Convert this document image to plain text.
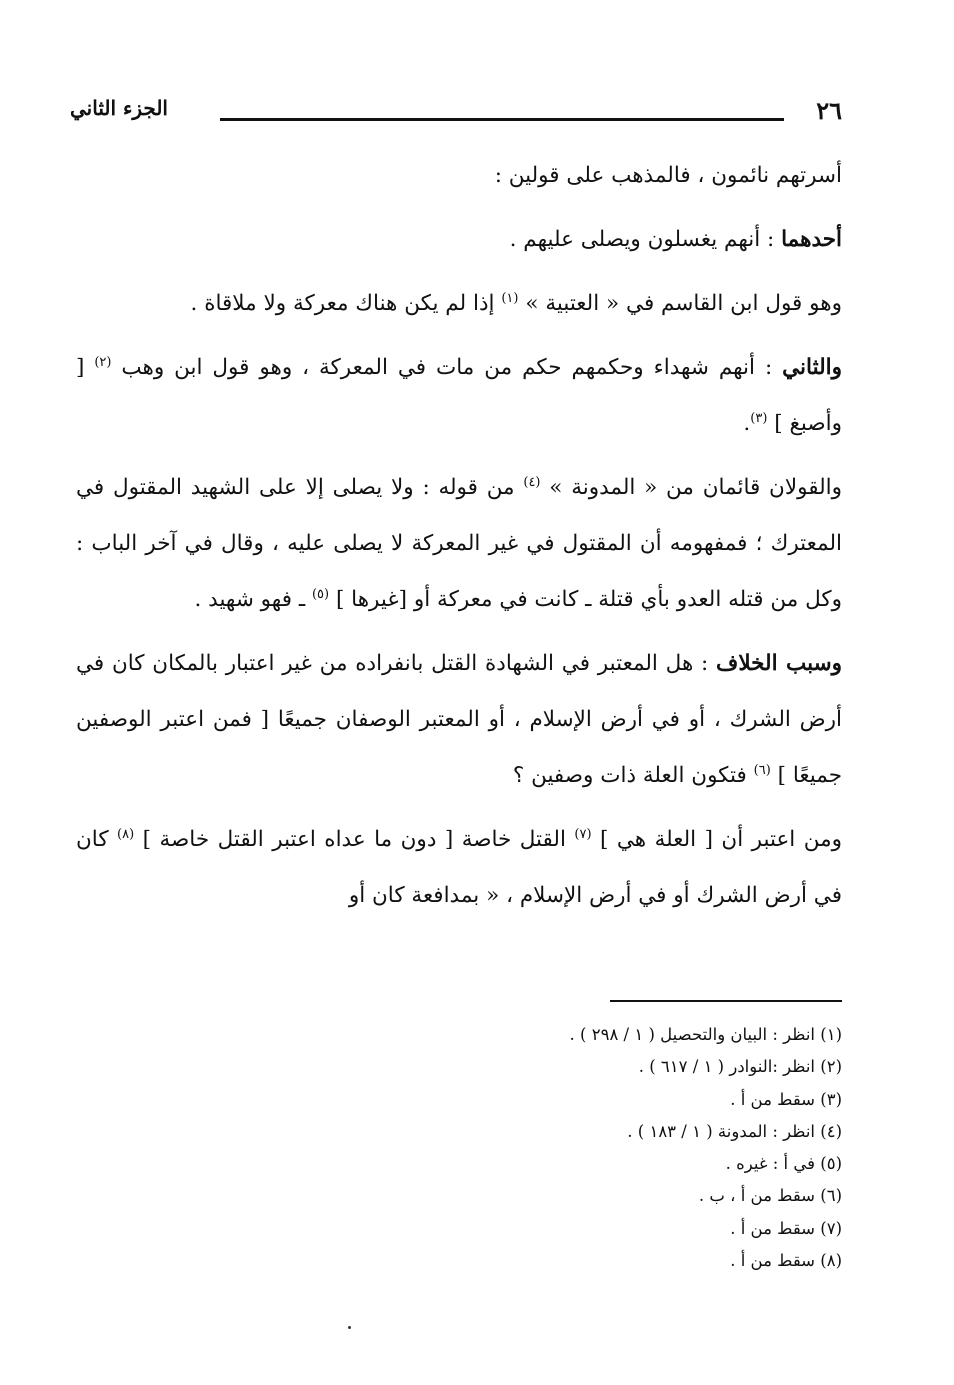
٢٦
الجزء الثاني

أسرتهم نائمون ، فالمذهب على قولين :

أحدهما : أنهم يغسلون ويصلى عليهم .

وهو قول ابن القاسم في « العتبية » $^{(١)}$ إذا لم يكن هناك معركة ولا ملاقاة .

والثاني : أنهم شهداء وحكمهم حكم من مات في المعركة ، وهو قول ابن وهب $^{(٢)}$ [ وأصبغ ] $^{(٣)}$.

والقولان قائمان من « المدونة » $^{(٤)}$ من قوله : ولا يصلى إلا على الشهيد المقتول في المعترك ؛ فمفهومه أن المقتول في غير المعركة لا يصلى عليه ، وقال في آخر الباب : وكل من قتله العدو بأي قتلة ـ كانت في معركة أو [غيرها ] $^{(٥)}$ ـ فهو شهيد .

وسبب الخلاف : هل المعتبر في الشهادة القتل بانفراده من غير اعتبار بالمكان كان في أرض الشرك ، أو في أرض الإسلام ، أو المعتبر الوصفان جميعًا [ فمن اعتبر الوصفين جميعًا ] $^{(٦)}$ فتكون العلة ذات وصفين ؟

ومن اعتبر أن [ العلة هي ] $^{(٧)}$ القتل خاصة [ دون ما عداه اعتبر القتل خاصة ] $^{(٨)}$ كان في أرض الشرك أو في أرض الإسلام ، « بمدافعة كان أو

(١) انظر : البيان والتحصيل ( ١ / ٢٩٨ ) .
(٢) انظر :النوادر ( ١ / ٦١٧ ) .
(٣) سقط من أ .
(٤) انظر : المدونة ( ١ / ١٨٣ ) .
(٥) في أ : غيره .
(٦) سقط من أ ، ب .
(٧) سقط من أ .
(٨) سقط من أ .
